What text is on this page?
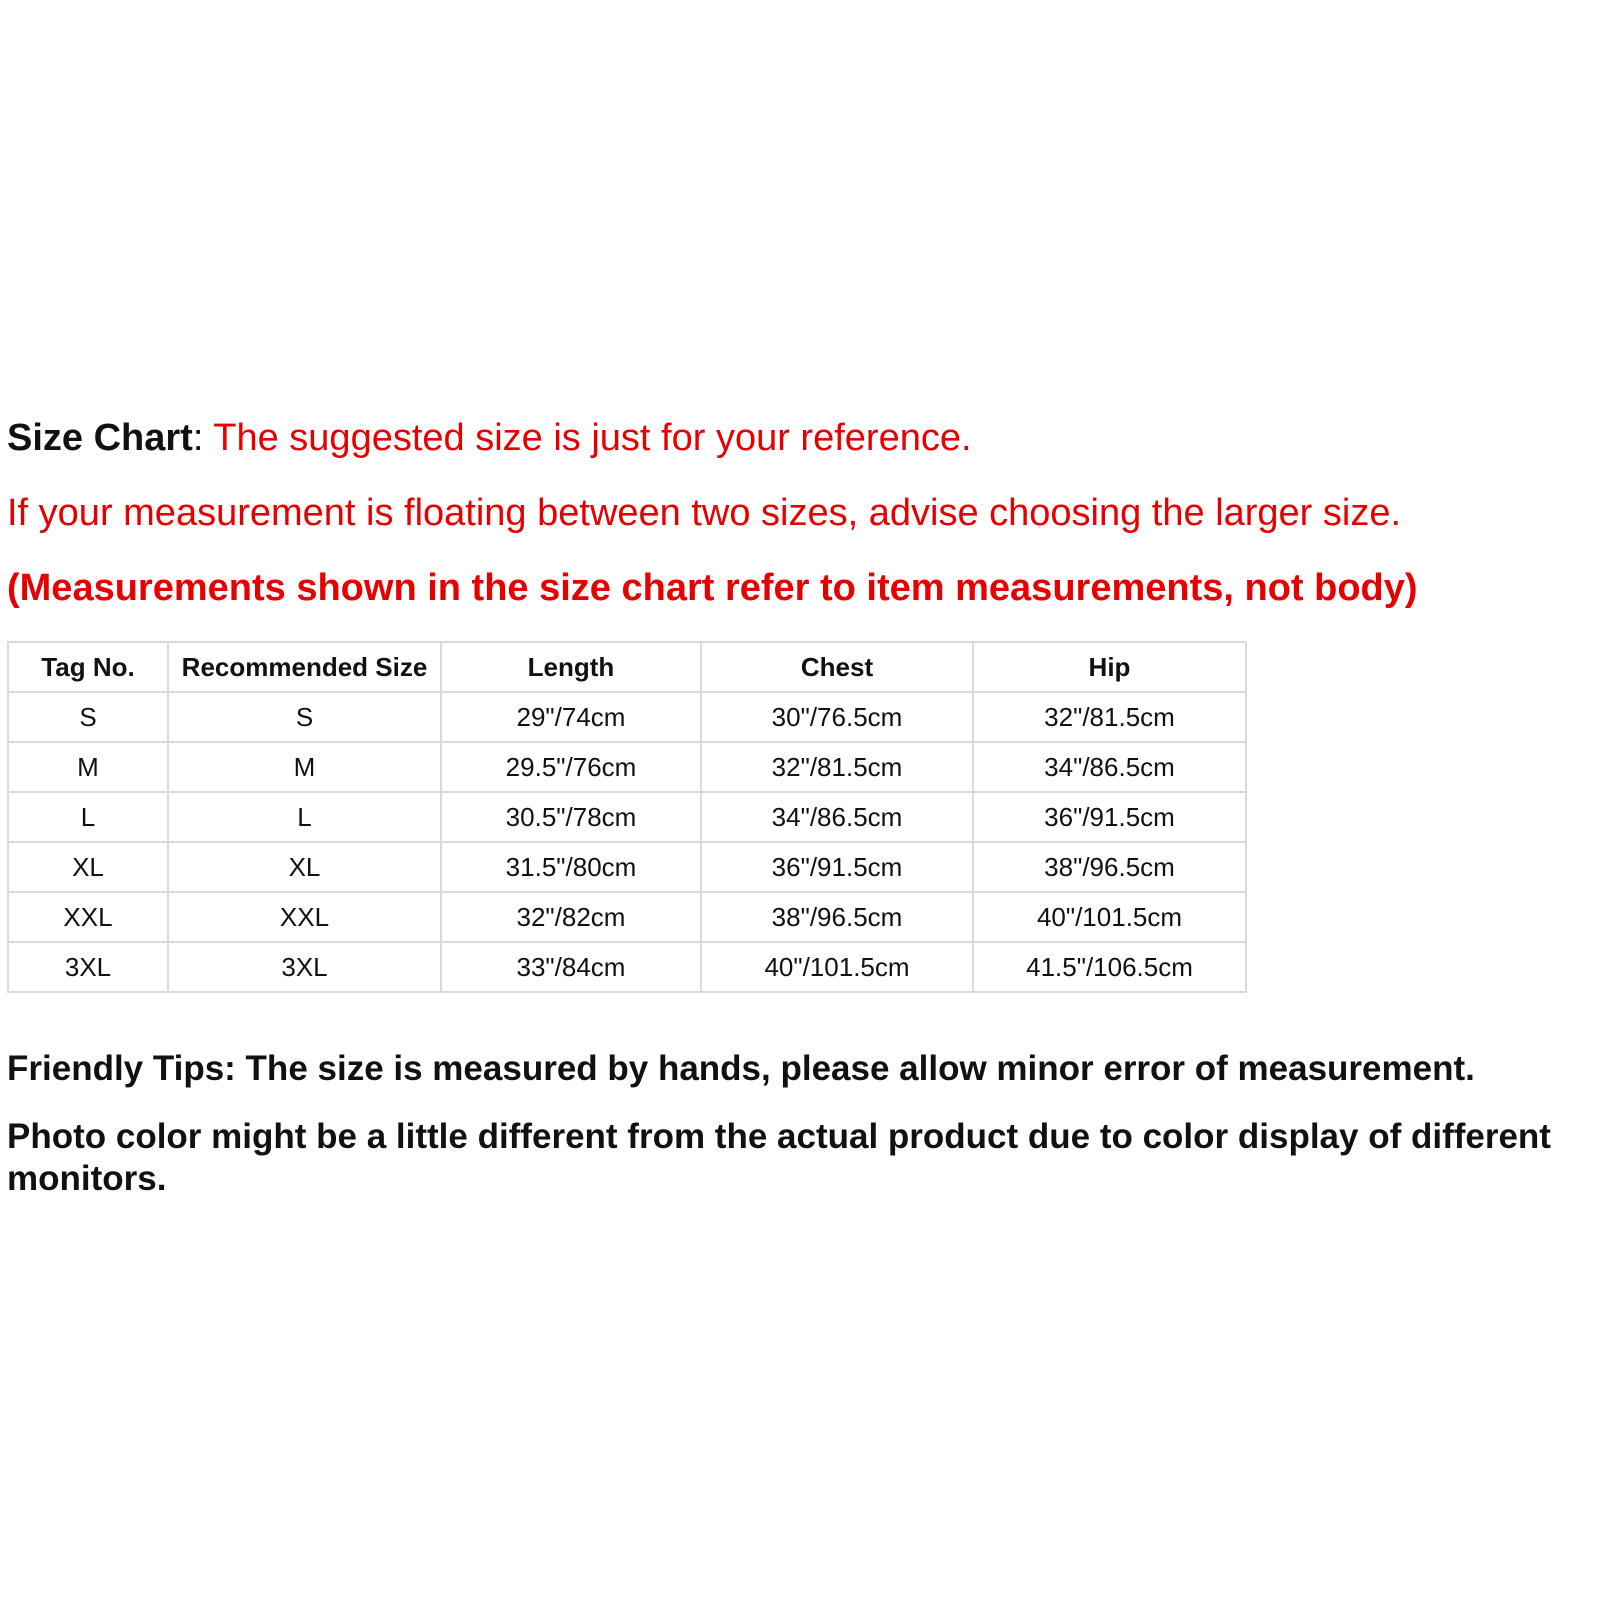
Size Chart: The suggested size is just for your reference.
If your measurement is floating between two sizes, advise choosing the larger size.
(Measurements shown in the size chart refer to item measurements, not body)
Tag No.	Recommended Size	Length	Chest	Hip
S	S	29"/74cm	30"/76.5cm	32"/81.5cm
M	M	29.5"/76cm	32"/81.5cm	34"/86.5cm
L	L	30.5"/78cm	34"/86.5cm	36"/91.5cm
XL	XL	31.5"/80cm	36"/91.5cm	38"/96.5cm
XXL	XXL	32"/82cm	38"/96.5cm	40"/101.5cm
3XL	3XL	33"/84cm	40"/101.5cm	41.5"/106.5cm
Friendly Tips: The size is measured by hands, please allow minor error of measurement.
Photo color might be a little different from the actual product due to color display of different monitors.
